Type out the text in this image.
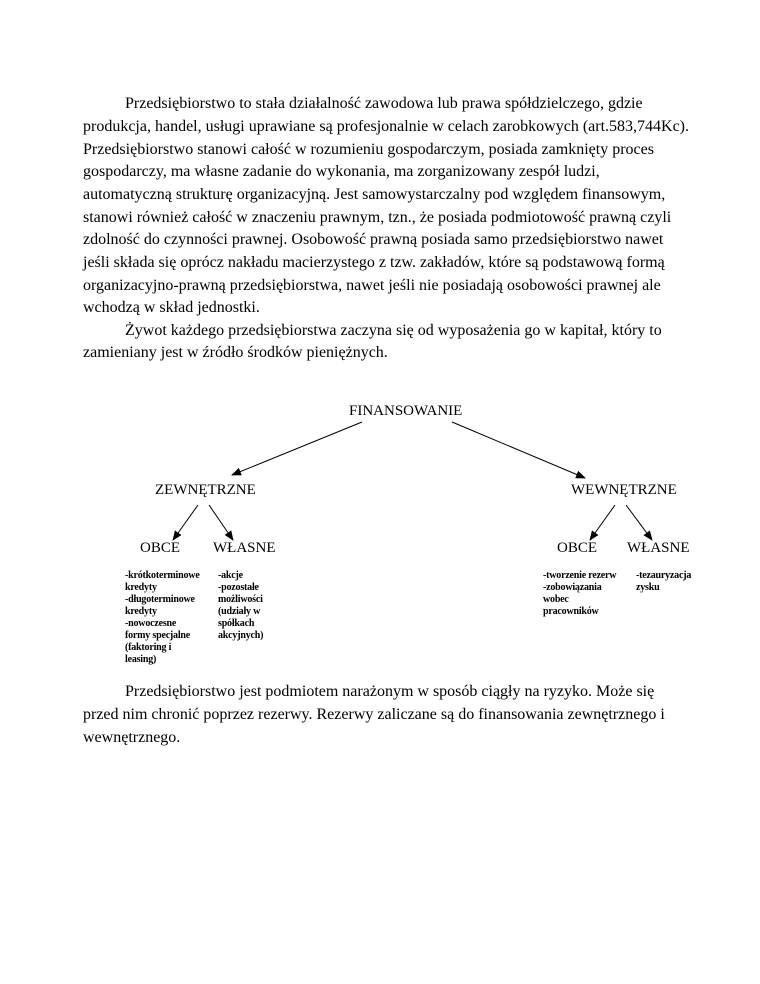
Przedsiębiorstwo to stała działalność zawodowa lub prawa spółdzielczego, gdzie
produkcja, handel, usługi uprawiane są profesjonalnie w celach zarobkowych (art.583,744Kc).
Przedsiębiorstwo stanowi całość w rozumieniu gospodarczym, posiada zamknięty proces
gospodarczy, ma własne zadanie do wykonania, ma zorganizowany zespół ludzi,
automatyczną strukturę organizacyjną. Jest samowystarczalny pod względem finansowym,
stanowi również całość w znaczeniu prawnym, tzn., że posiada podmiotowość prawną czyli
zdolność do czynności prawnej. Osobowość prawną posiada samo przedsiębiorstwo nawet
jeśli składa się oprócz nakładu macierzystego z tzw. zakładów, które są podstawową formą
organizacyjno-prawną przedsiębiorstwa, nawet jeśli nie posiadają osobowości prawnej ale
wchodzą w skład jednostki.
Żywot każdego przedsiębiorstwa zaczyna się od wyposażenia go w kapitał, który to
zamieniany jest w źródło środków pieniężnych.
FINANSOWANIE
ZEWNĘTRZNE	WEWNĘTRZNE
OBCE WŁASNE	OBCE WŁASNE
-krótkoterminowe
kredyty
-długoterminowe
kredyty
-nowoczesne
formy specjalne
(faktoring i
leasing)
-akcje
-pozostałe
możliwości
(udziały w
spółkach
akcyjnych)
-tworzenie rezerw
-zobowiązania
wobec
pracowników
-tezauryzacja
zysku
Przedsiębiorstwo jest podmiotem narażonym w sposób ciągły na ryzyko. Może się
przed nim chronić poprzez rezerwy. Rezerwy zaliczane są do finansowania zewnętrznego i
wewnętrznego.
